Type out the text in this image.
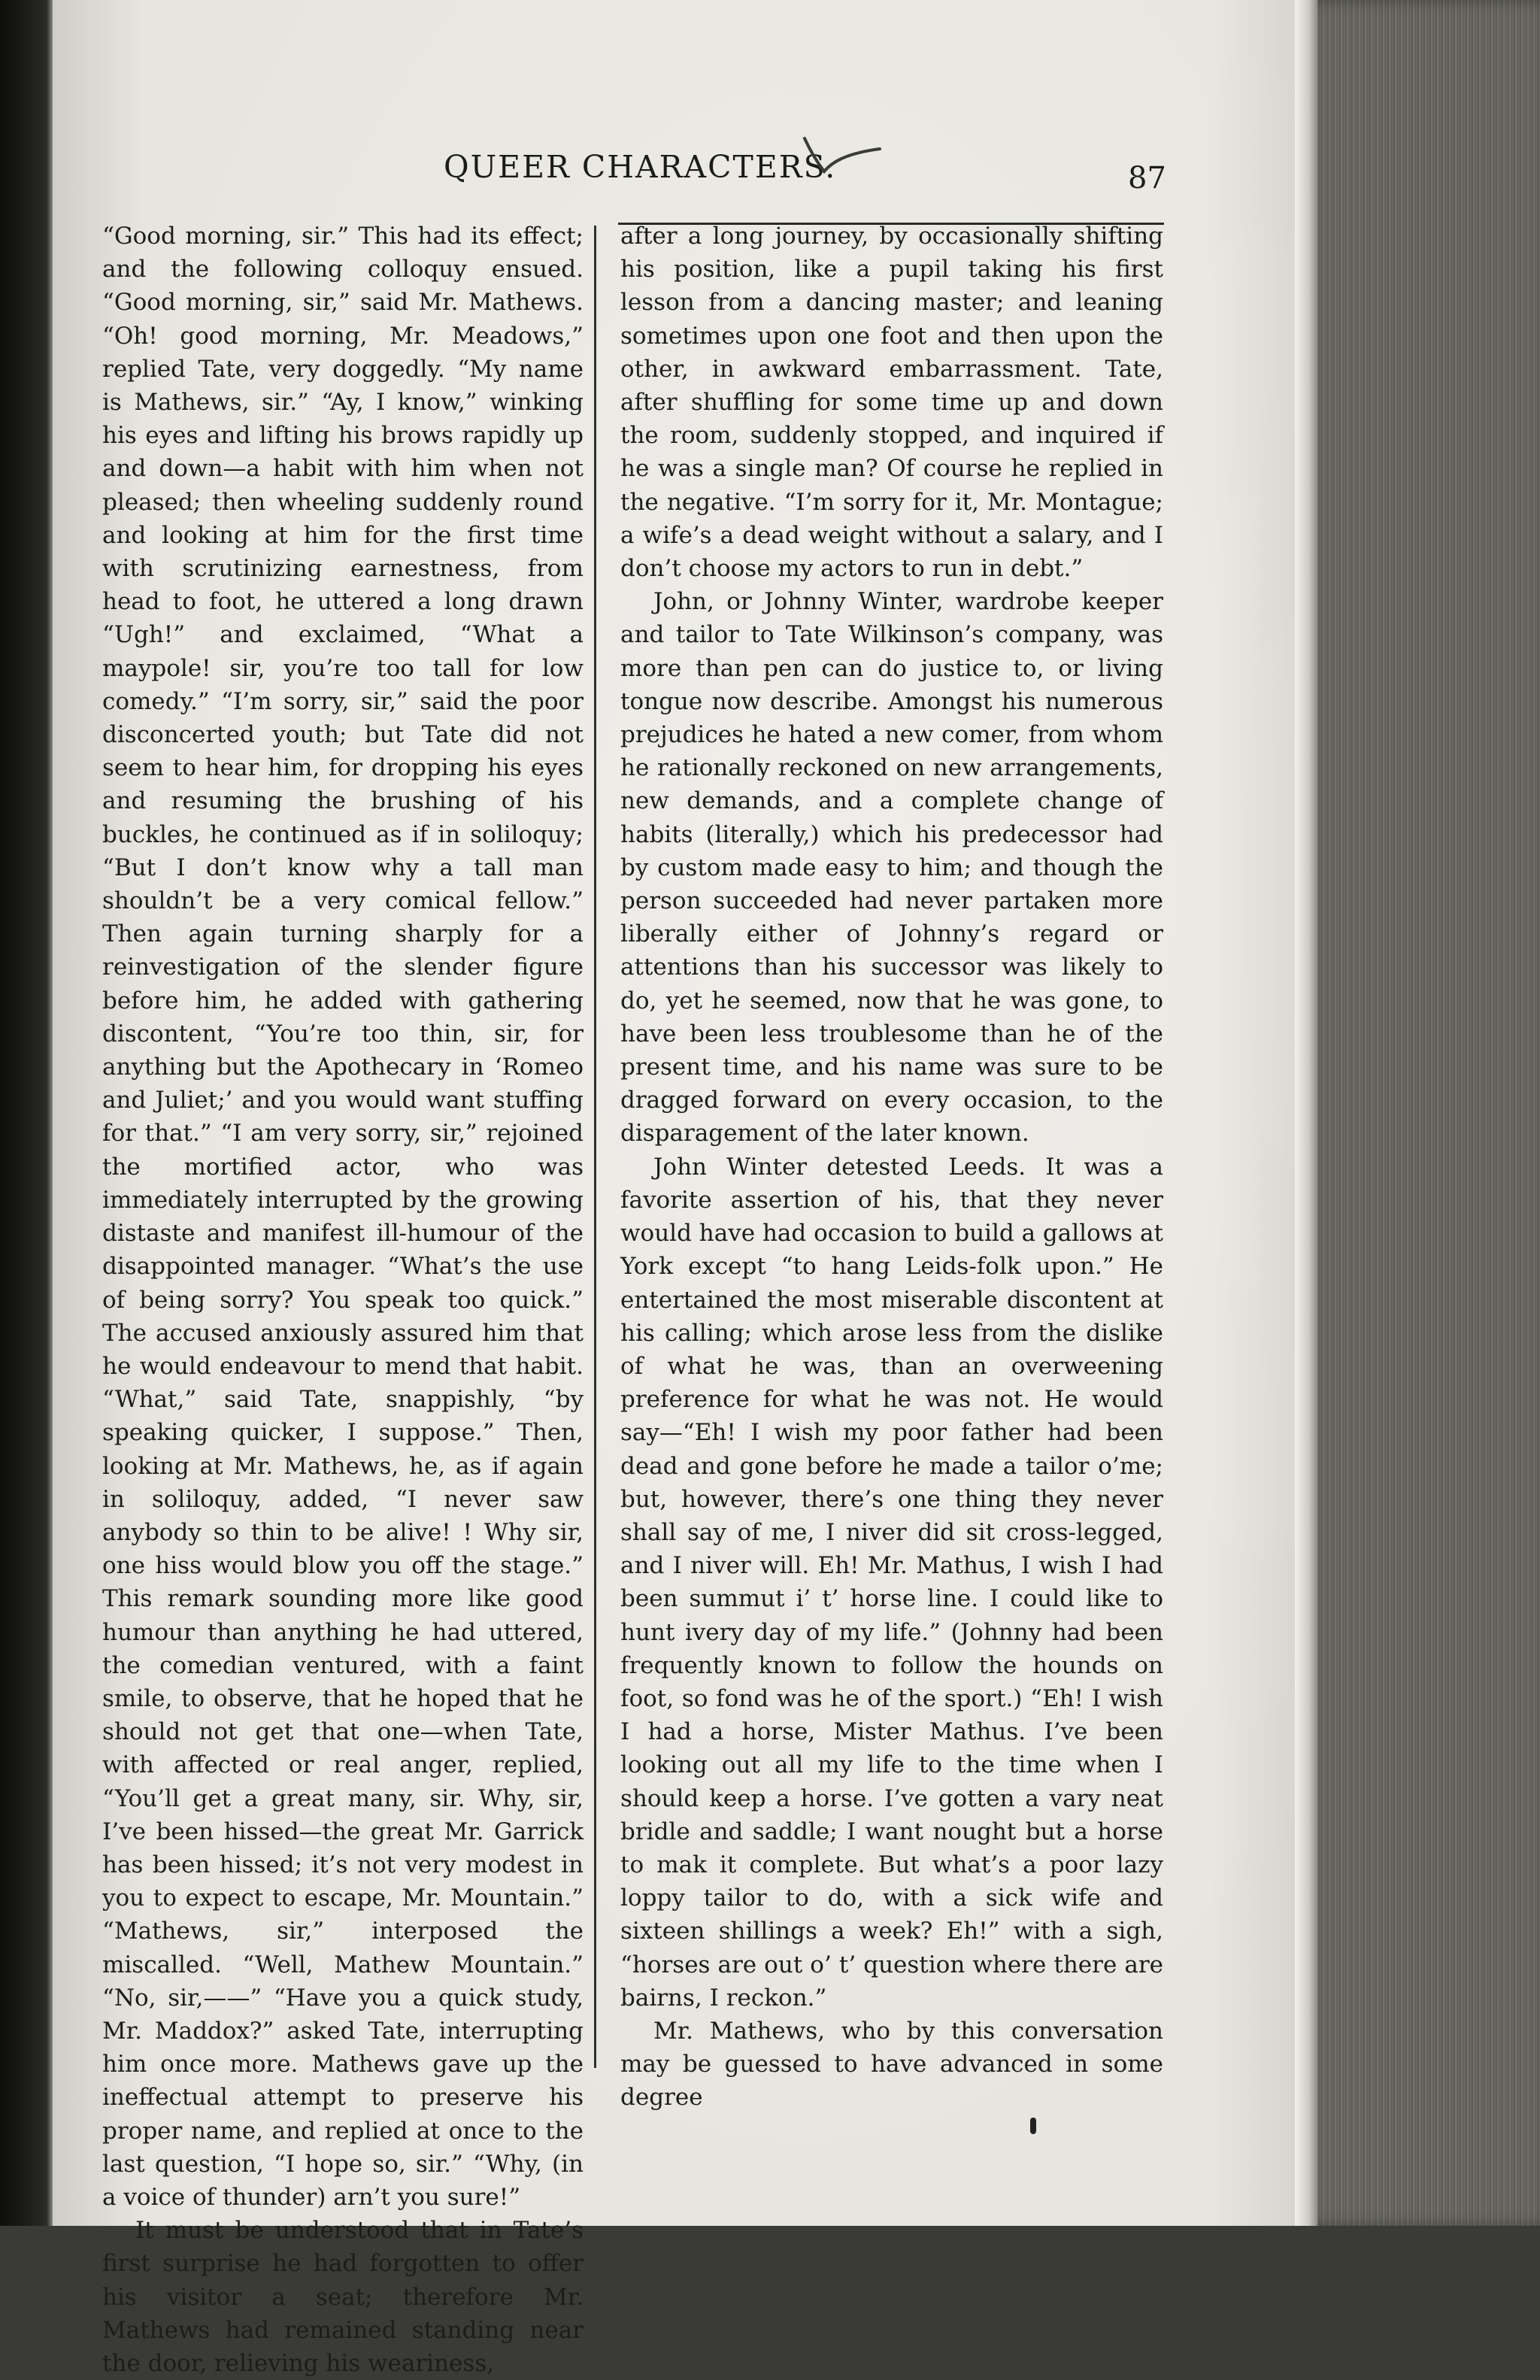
QUEER CHARACTERS.	87

“Good morning, sir.” This had its effect; and the following colloquy ensued. “Good morning, sir,” said Mr. Mathews. “Oh! good morning, Mr. Meadows,” replied Tate, very doggedly. “My name is Mathews, sir.” “Ay, I know,” winking his eyes and lifting his brows rapidly up and down—a habit with him when not pleased; then wheeling suddenly round and looking at him for the first time with scrutinizing earnestness, from head to foot, he uttered a long drawn “Ugh!” and exclaimed, “What a maypole! sir, you’re too tall for low comedy.” “I’m sorry, sir,” said the poor disconcerted youth; but Tate did not seem to hear him, for dropping his eyes and resuming the brushing of his buckles, he continued as if in soliloquy; “But I don’t know why a tall man shouldn’t be a very comical fellow.” Then again turning sharply for a reinvestigation of the slender figure before him, he added with gathering discontent, “You’re too thin, sir, for anything but the Apothecary in ‘Romeo and Juliet;’ and you would want stuffing for that.” “I am very sorry, sir,” rejoined the mortified actor, who was immediately interrupted by the growing distaste and manifest ill-humour of the disappointed manager. “What’s the use of being sorry? You speak too quick.” The accused anxiously assured him that he would endeavour to mend that habit. “What,” said Tate, snappishly, “by speaking quicker, I suppose.” Then, looking at Mr. Mathews, he, as if again in soliloquy, added, “I never saw anybody so thin to be alive! ! Why sir, one hiss would blow you off the stage.” This remark sounding more like good humour than anything he had uttered, the comedian ventured, with a faint smile, to observe, that he hoped that he should not get that one—when Tate, with affected or real anger, replied, “You’ll get a great many, sir. Why, sir, I’ve been hissed—the great Mr. Garrick has been hissed; it’s not very modest in you to expect to escape, Mr. Mountain.” “Mathews, sir,” interposed the miscalled. “Well, Mathew Mountain.” “No, sir,——” “Have you a quick study, Mr. Maddox?” asked Tate, interrupting him once more. Mathews gave up the ineffectual attempt to preserve his proper name, and replied at once to the last question, “I hope so, sir.” “Why, (in a voice of thunder) arn’t you sure!”

It must be understood that in Tate’s first surprise he had forgotten to offer his visitor a seat; therefore Mr. Mathews had remained standing near the door, relieving his weariness,

after a long journey, by occasionally shifting his position, like a pupil taking his first lesson from a dancing master; and leaning sometimes upon one foot and then upon the other, in awkward embarrassment. Tate, after shuffling for some time up and down the room, suddenly stopped, and inquired if he was a single man? Of course he replied in the negative. “I’m sorry for it, Mr. Montague; a wife’s a dead weight without a salary, and I don’t choose my actors to run in debt.”

John, or Johnny Winter, wardrobe keeper and tailor to Tate Wilkinson’s company, was more than pen can do justice to, or living tongue now describe. Amongst his numerous prejudices he hated a new comer, from whom he rationally reckoned on new arrangements, new demands, and a complete change of habits (literally,) which his predecessor had by custom made easy to him; and though the person succeeded had never partaken more liberally either of Johnny’s regard or attentions than his successor was likely to do, yet he seemed, now that he was gone, to have been less troublesome than he of the present time, and his name was sure to be dragged forward on every occasion, to the disparagement of the later known.

John Winter detested Leeds. It was a favorite assertion of his, that they never would have had occasion to build a gallows at York except “to hang Leids-folk upon.” He entertained the most miserable discontent at his calling; which arose less from the dislike of what he was, than an overweening preference for what he was not. He would say—“Eh! I wish my poor father had been dead and gone before he made a tailor o’me; but, however, there’s one thing they never shall say of me, I niver did sit cross-legged, and I niver will. Eh! Mr. Mathus, I wish I had been summut i’ t’ horse line. I could like to hunt ivery day of my life.” (Johnny had been frequently known to follow the hounds on foot, so fond was he of the sport.) “Eh! I wish I had a horse, Mister Mathus. I’ve been looking out all my life to the time when I should keep a horse. I’ve gotten a vary neat bridle and saddle; I want nought but a horse to mak it complete. But what’s a poor lazy loppy tailor to do, with a sick wife and sixteen shillings a week? Eh!” with a sigh, “horses are out o’ t’ question where there are bairns, I reckon.”

Mr. Mathews, who by this conversation may be guessed to have advanced in some degree
